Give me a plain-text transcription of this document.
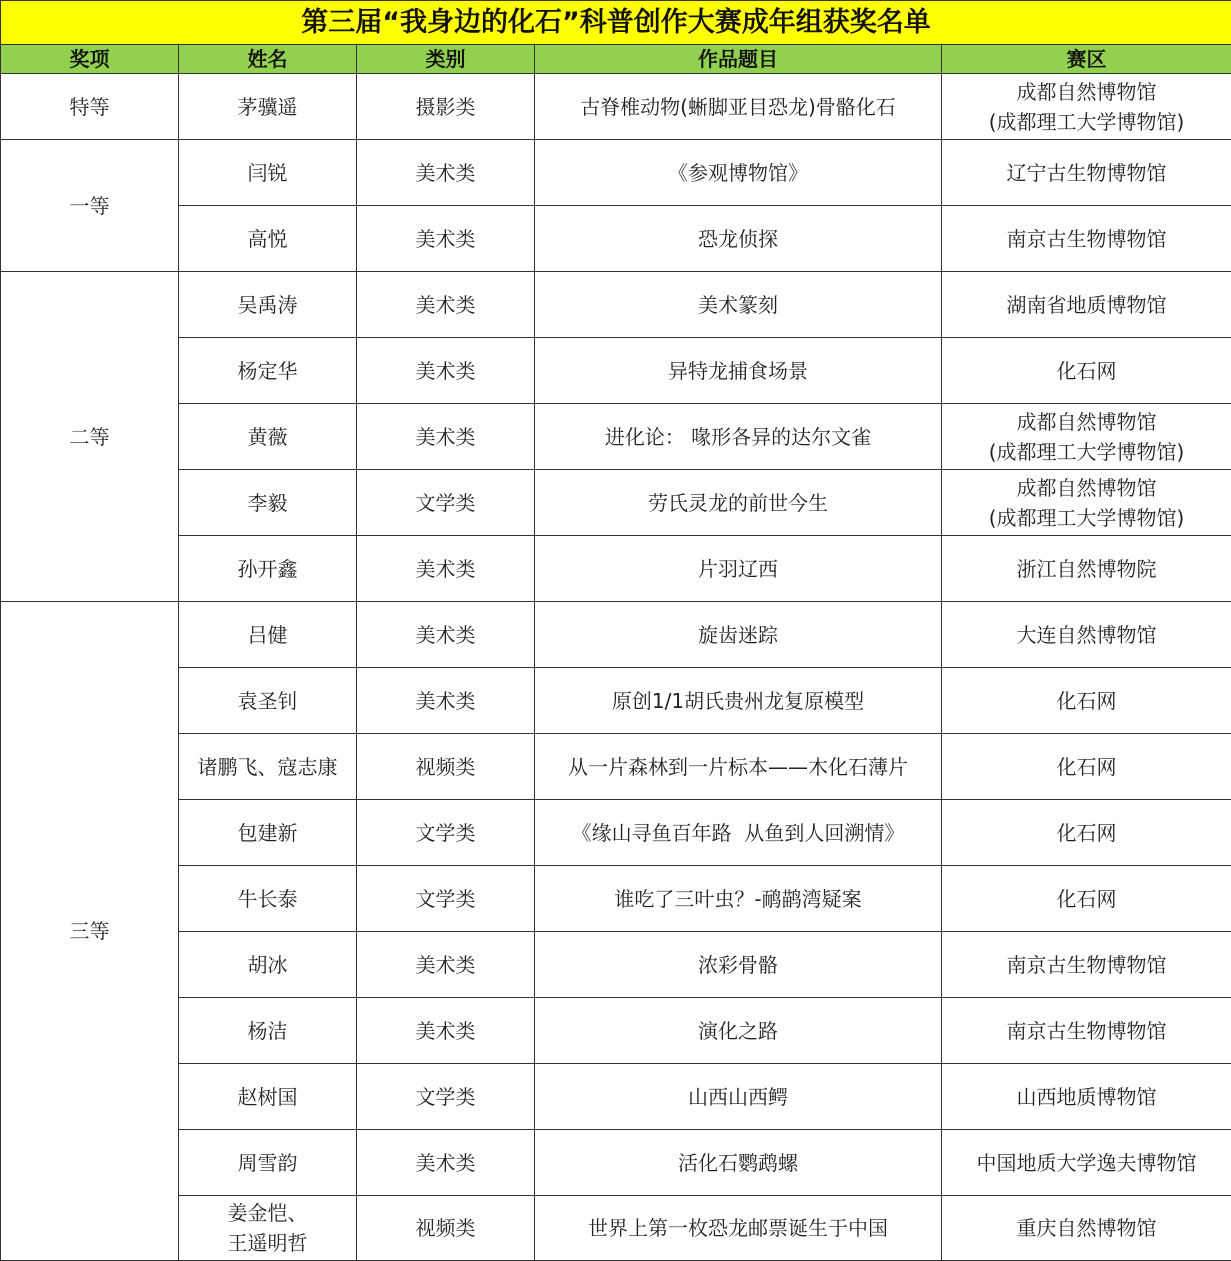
第三届“我身边的化石”科普创作大赛成年组获奖名单				
奖项	姓名	类别	作品题目	赛区
特等	茅骥遥	摄影类	古脊椎动物(蜥脚亚目恐龙)骨骼化石	成都自然博物馆
(成都理工大学博物馆)

一等	闫锐	美术类	《参观博物馆》	辽宁古生物博物馆

	高悦	美术类	恐龙侦探	南京古生物博物馆

二等	吴禹涛	美术类	美术篆刻	湖南省地质博物馆

	杨定华	美术类	异特龙捕食场景	化石网

	黄薇	美术类	进化论： 喙形各异的达尔文雀	成都自然博物馆
(成都理工大学博物馆)

	李毅	文学类	劳氏灵龙的前世今生	成都自然博物馆
(成都理工大学博物馆)

	孙开鑫	美术类	片羽辽西	浙江自然博物院

三等	吕健	美术类	旋齿迷踪	大连自然博物馆

	袁圣钊	美术类	原创1/1胡氏贵州龙复原模型	化石网

	诸鹏飞、寇志康	视频类	从一片森林到一片标本——木化石薄片	化石网

	包建新	文学类	《缘山寻鱼百年路  从鱼到人回溯情》	化石网

	牛长泰	文学类	谁吃了三叶虫？-鸸鹋湾疑案	化石网

	胡冰	美术类	浓彩骨骼	南京古生物博物馆

	杨洁	美术类	演化之路	南京古生物博物馆

	赵树国	文学类	山西山西鳄	山西地质博物馆

	周雪韵	美术类	活化石鹦鹉螺	中国地质大学逸夫博物馆

	姜金恺、
王遥明哲	视频类	世界上第一枚恐龙邮票诞生于中国	重庆自然博物馆
